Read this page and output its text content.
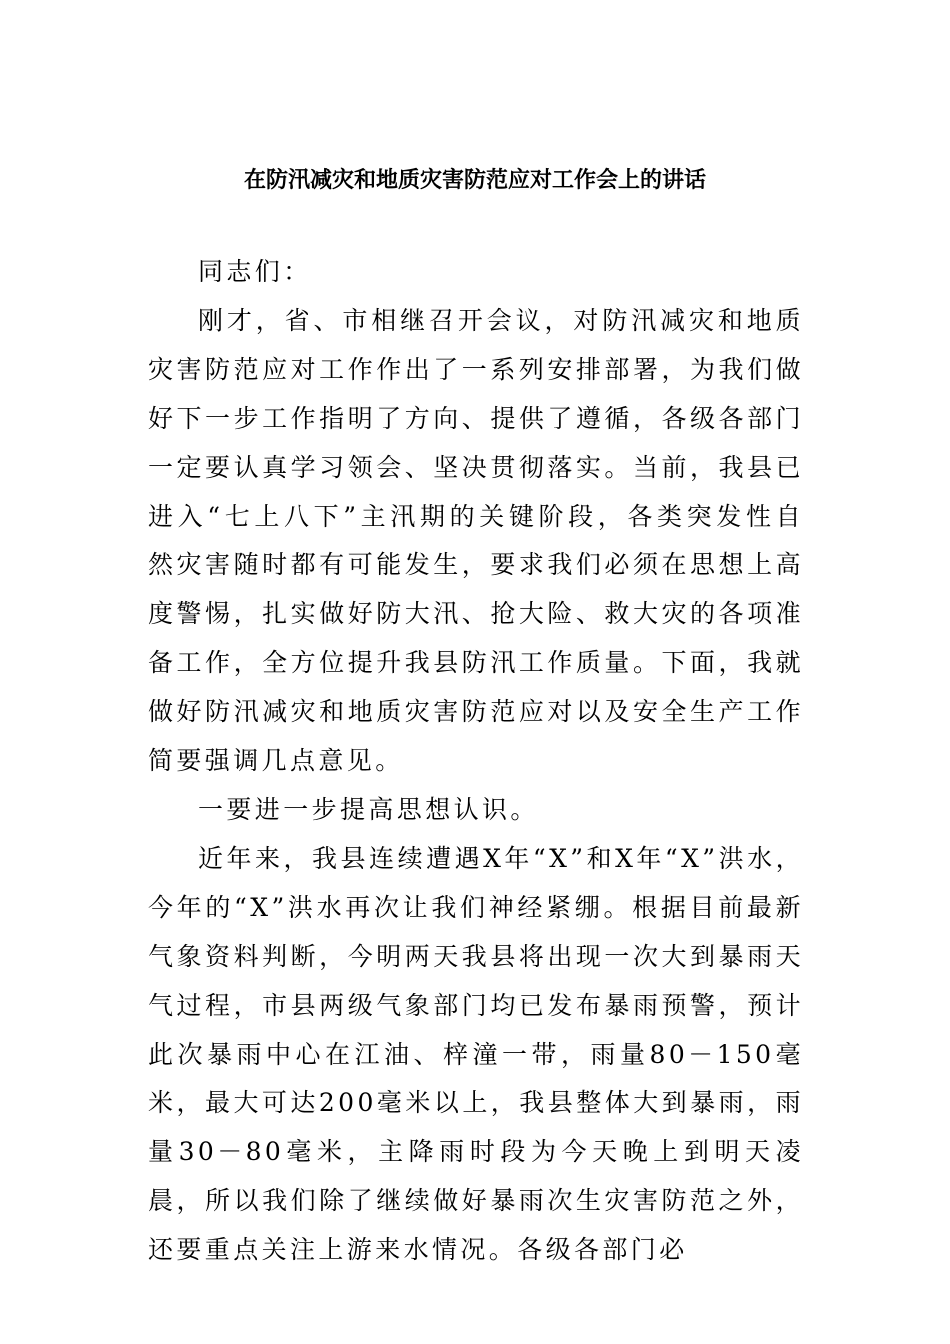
在防汛减灾和地质灾害防范应对工作会上的讲话

同志们：

刚才，省、市相继召开会议，对防汛减灾和地质灾害防范应对工作作出了一系列安排部署，为我们做好下一步工作指明了方向、提供了遵循，各级各部门一定要认真学习领会、坚决贯彻落实。当前，我县已进入“七上八下”主汛期的关键阶段，各类突发性自然灾害随时都有可能发生，要求我们必须在思想上高度警惕，扎实做好防大汛、抢大险、救大灾的各项准备工作，全方位提升我县防汛工作质量。下面，我就做好防汛减灾和地质灾害防范应对以及安全生产工作简要强调几点意见。

一要进一步提高思想认识。

近年来，我县连续遭遇X年“X”和X年“X”洪水，今年的“X”洪水再次让我们神经紧绷。根据目前最新气象资料判断，今明两天我县将出现一次大到暴雨天气过程，市县两级气象部门均已发布暴雨预警，预计此次暴雨中心在江油、梓潼一带，雨量80－150毫米，最大可达200毫米以上，我县整体大到暴雨，雨量30－80毫米，主降雨时段为今天晚上到明天凌晨，所以我们除了继续做好暴雨次生灾害防范之外，还要重点关注上游来水情况。各级各部门必
